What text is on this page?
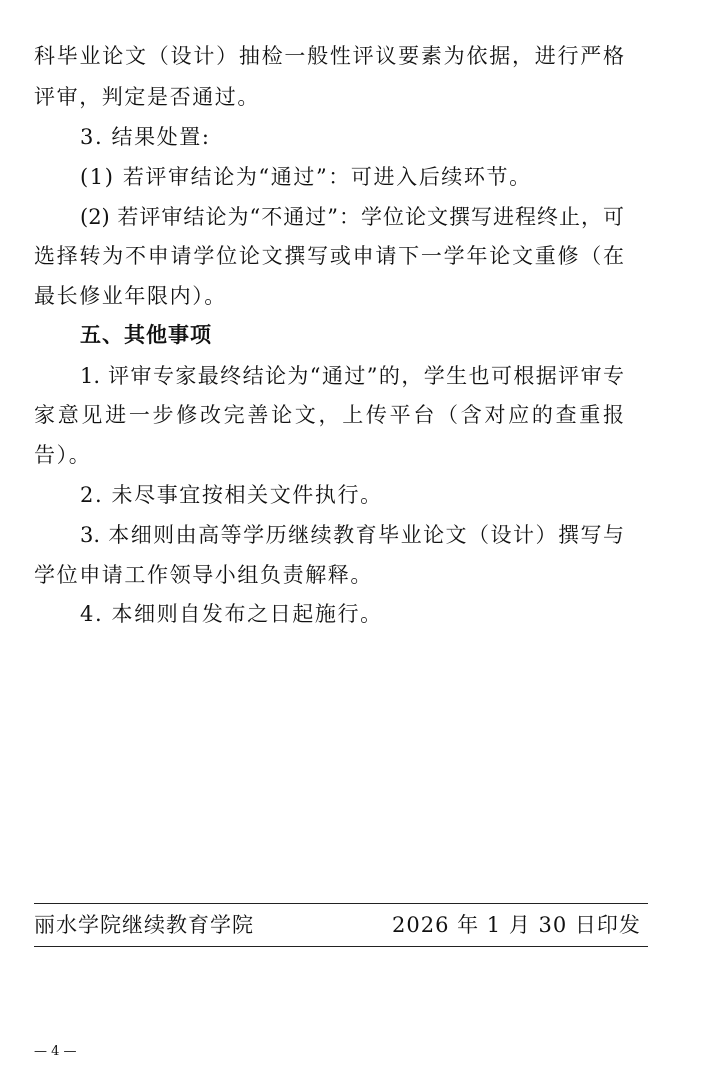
科毕业论文（设计）抽检一般性评议要素为依据，进行严格
评审，判定是否通过。
3. 结果处置:
(1) 若评审结论为“通过”：可进入后续环节。
(2) 若评审结论为“不通过”：学位论文撰写进程终止，可
选择转为不申请学位论文撰写或申请下一学年论文重修（在
最长修业年限内）。
五、其他事项
1. 评审专家最终结论为“通过”的，学生也可根据评审专
家意见进一步修改完善论文，上传平台（含对应的查重报
告）。
2. 未尽事宜按相关文件执行。
3. 本细则由高等学历继续教育毕业论文（设计）撰写与
学位申请工作领导小组负责解释。
4. 本细则自发布之日起施行。
丽水学院继续教育学院	2026 年 1 月 30 日印发
— 4 —
